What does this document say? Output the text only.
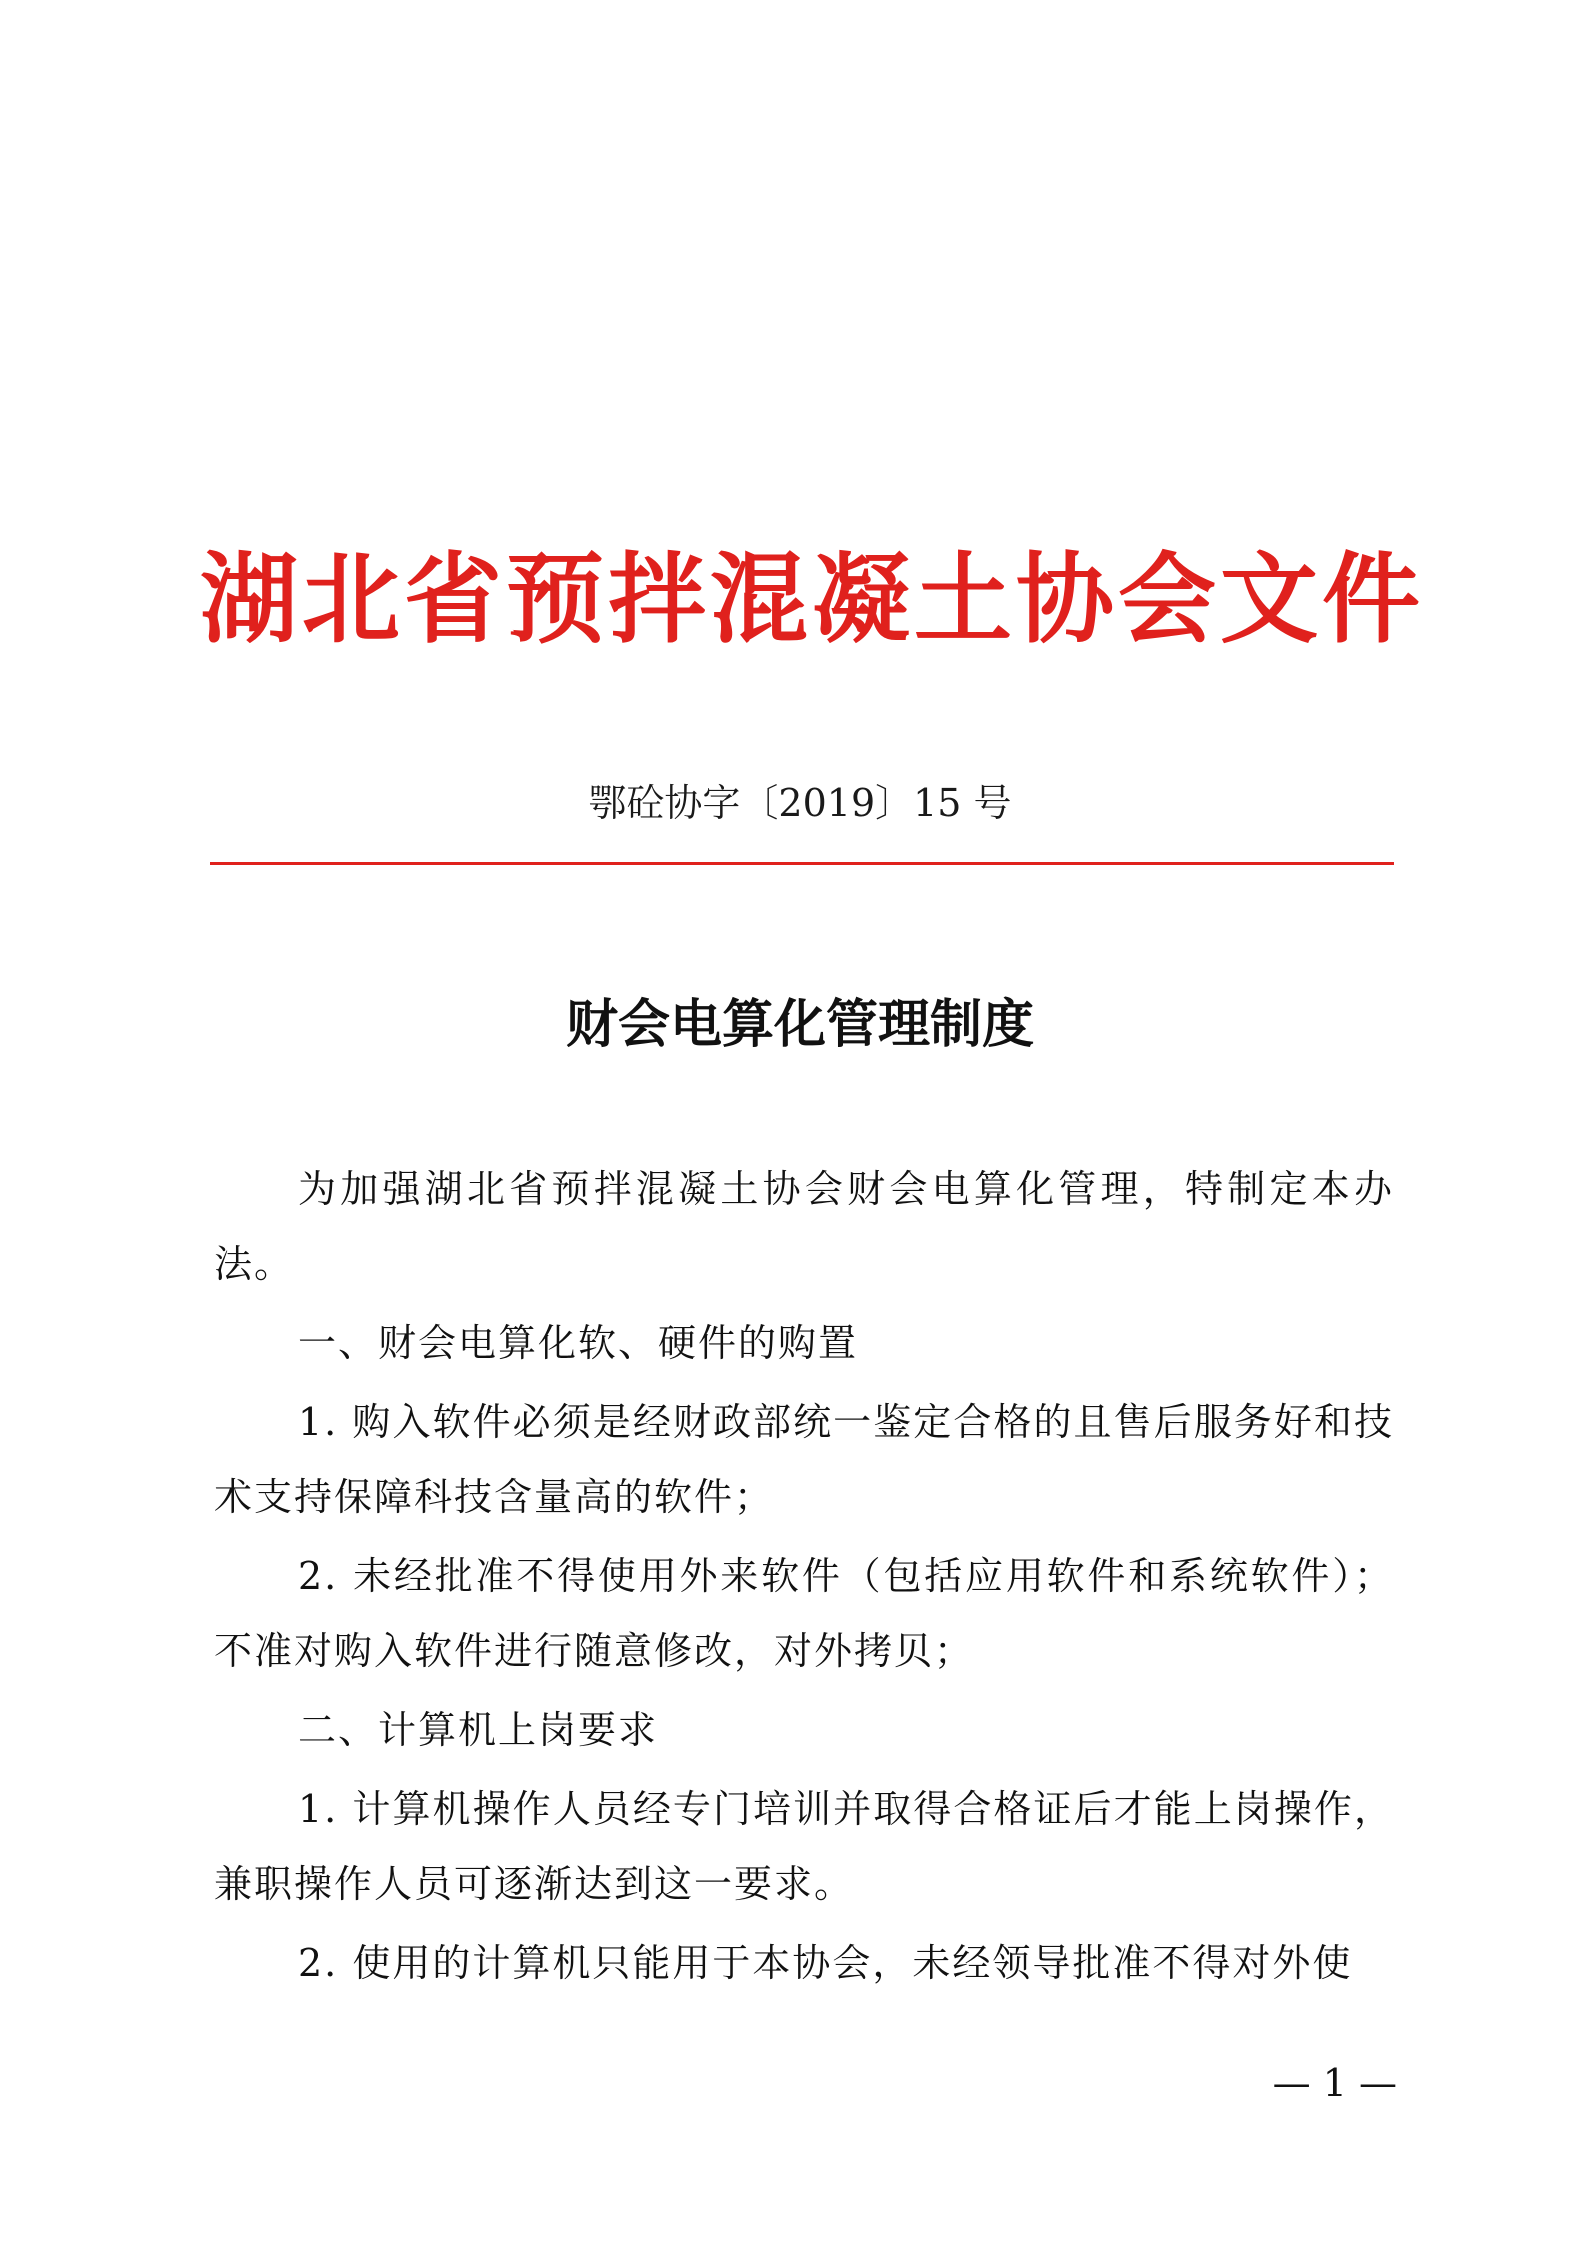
湖北省预拌混凝土协会文件
鄂砼协字〔2019〕15 号
财会电算化管理制度

为加强湖北省预拌混凝土协会财会电算化管理，特制定本办法。

一、财会电算化软、硬件的购置

1. 购入软件必须是经财政部统一鉴定合格的且售后服务好和技术支持保障科技含量高的软件；

2. 未经批准不得使用外来软件（包括应用软件和系统软件）；不准对购入软件进行随意修改，对外拷贝；

二、计算机上岗要求

1. 计算机操作人员经专门培训并取得合格证后才能上岗操作，兼职操作人员可逐渐达到这一要求。

2. 使用的计算机只能用于本协会，未经领导批准不得对外使

— 1 —
